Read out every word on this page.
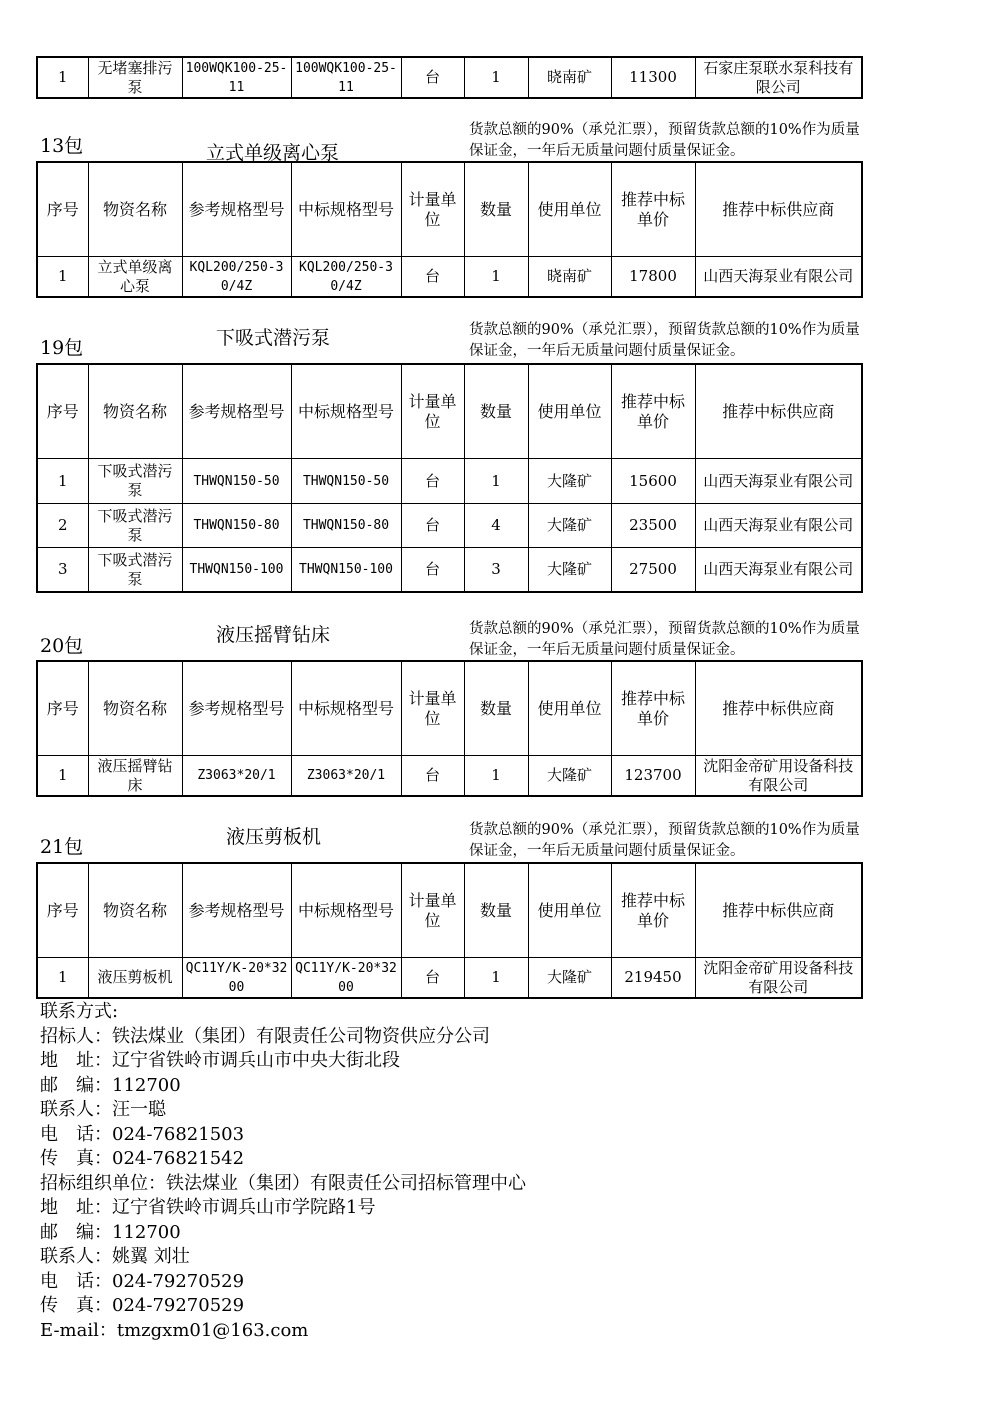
1	无堵塞排污泵	100WQK100-25-11	100WQK100-25-11	台	1	晓南矿	11300	石家庄泵联水泵科技有限公司
13包	立式单级离心泵
货款总额的90%（承兑汇票），预留货款总额的10%作为质量保证金，一年后无质量问题付质量保证金。
序号	物资名称	参考规格型号	中标规格型号	计量单位	数量	使用单位	推荐中标单价	推荐中标供应商
1	立式单级离心泵	KQL200/250-30/4Z	KQL200/250-30/4Z	台	1	晓南矿	17800	山西天海泵业有限公司
19包	下吸式潜污泵	货款总额的90%（承兑汇票），预留货款总额的10%作为质量保证金，一年后无质量问题付质量保证金。
序号	物资名称	参考规格型号	中标规格型号	计量单位	数量	使用单位	推荐中标单价	推荐中标供应商
1	下吸式潜污泵	THWQN150-50	THWQN150-50	台	1	大隆矿	15600	山西天海泵业有限公司
2	下吸式潜污泵	THWQN150-80	THWQN150-80	台	4	大隆矿	23500	山西天海泵业有限公司
3	下吸式潜污泵	THWQN150-100	THWQN150-100	台	3	大隆矿	27500	山西天海泵业有限公司
20包	液压摇臂钻床	货款总额的90%（承兑汇票），预留货款总额的10%作为质量保证金，一年后无质量问题付质量保证金。
序号	物资名称	参考规格型号	中标规格型号	计量单位	数量	使用单位	推荐中标单价	推荐中标供应商
1	液压摇臂钻床	Z3063*20/1	Z3063*20/1	台	1	大隆矿	123700	沈阳金帝矿用设备科技有限公司
21包	液压剪板机	货款总额的90%（承兑汇票），预留货款总额的10%作为质量保证金，一年后无质量问题付质量保证金。
序号	物资名称	参考规格型号	中标规格型号	计量单位	数量	使用单位	推荐中标单价	推荐中标供应商
1	液压剪板机	QC11Y/K-20*3200	QC11Y/K-20*3200	台	1	大隆矿	219450	沈阳金帝矿用设备科技有限公司
联系方式:
招标人：铁法煤业（集团）有限责任公司物资供应分公司
地　址：辽宁省铁岭市调兵山市中央大街北段
邮　编：112700
联系人：汪一聪
电　话：024-76821503
传　真：024-76821542
招标组织单位：铁法煤业（集团）有限责任公司招标管理中心
地　址：辽宁省铁岭市调兵山市学院路1号
邮　编：112700
联系人：姚翼 刘壮
电　话：024-79270529
传　真：024-79270529
E-mail：tmzgxm01@163.com
